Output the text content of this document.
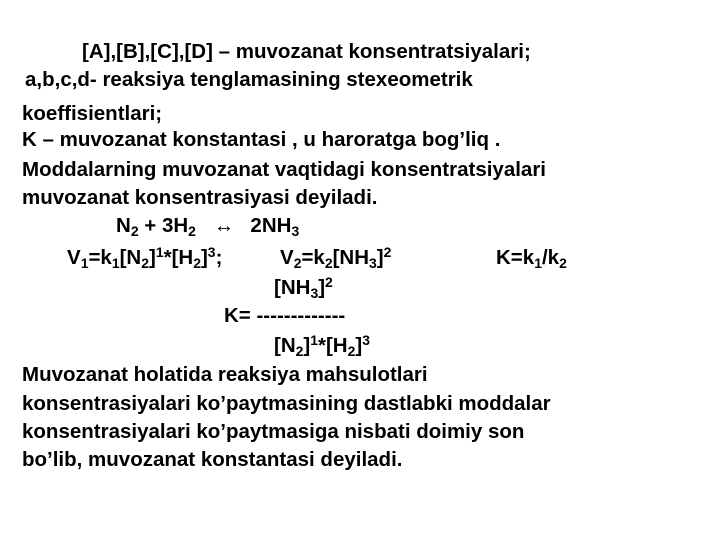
[A],[B],[C],[D] – muvozanat konsentratsiyalari;
a,b,c,d- reaksiya tenglamasining stexeometrik
koeffisientlari;
K – muvozanat konstantasi , u haroratga bog’liq .
Moddalarning muvozanat vaqtidagi konsentratsiyalari
muvozanat konsentrasiyasi deyiladi.
$N_2 + 3H_2$ ↔ $2NH_3$
$V_1=k_1[N_2]^1*[H_2]^3$;	$V_2=k_2[NH_3]^2$	$K=k_1/k_2$
$[NH_3]^2$
K= -------------
$[N_2]^1*[H_2]^3$
Muvozanat holatida reaksiya mahsulotlari
konsentrasiyalari ko’paytmasining dastlabki moddalar
konsentrasiyalari ko’paytmasiga nisbati doimiy son
bo’lib, muvozanat konstantasi deyiladi.
